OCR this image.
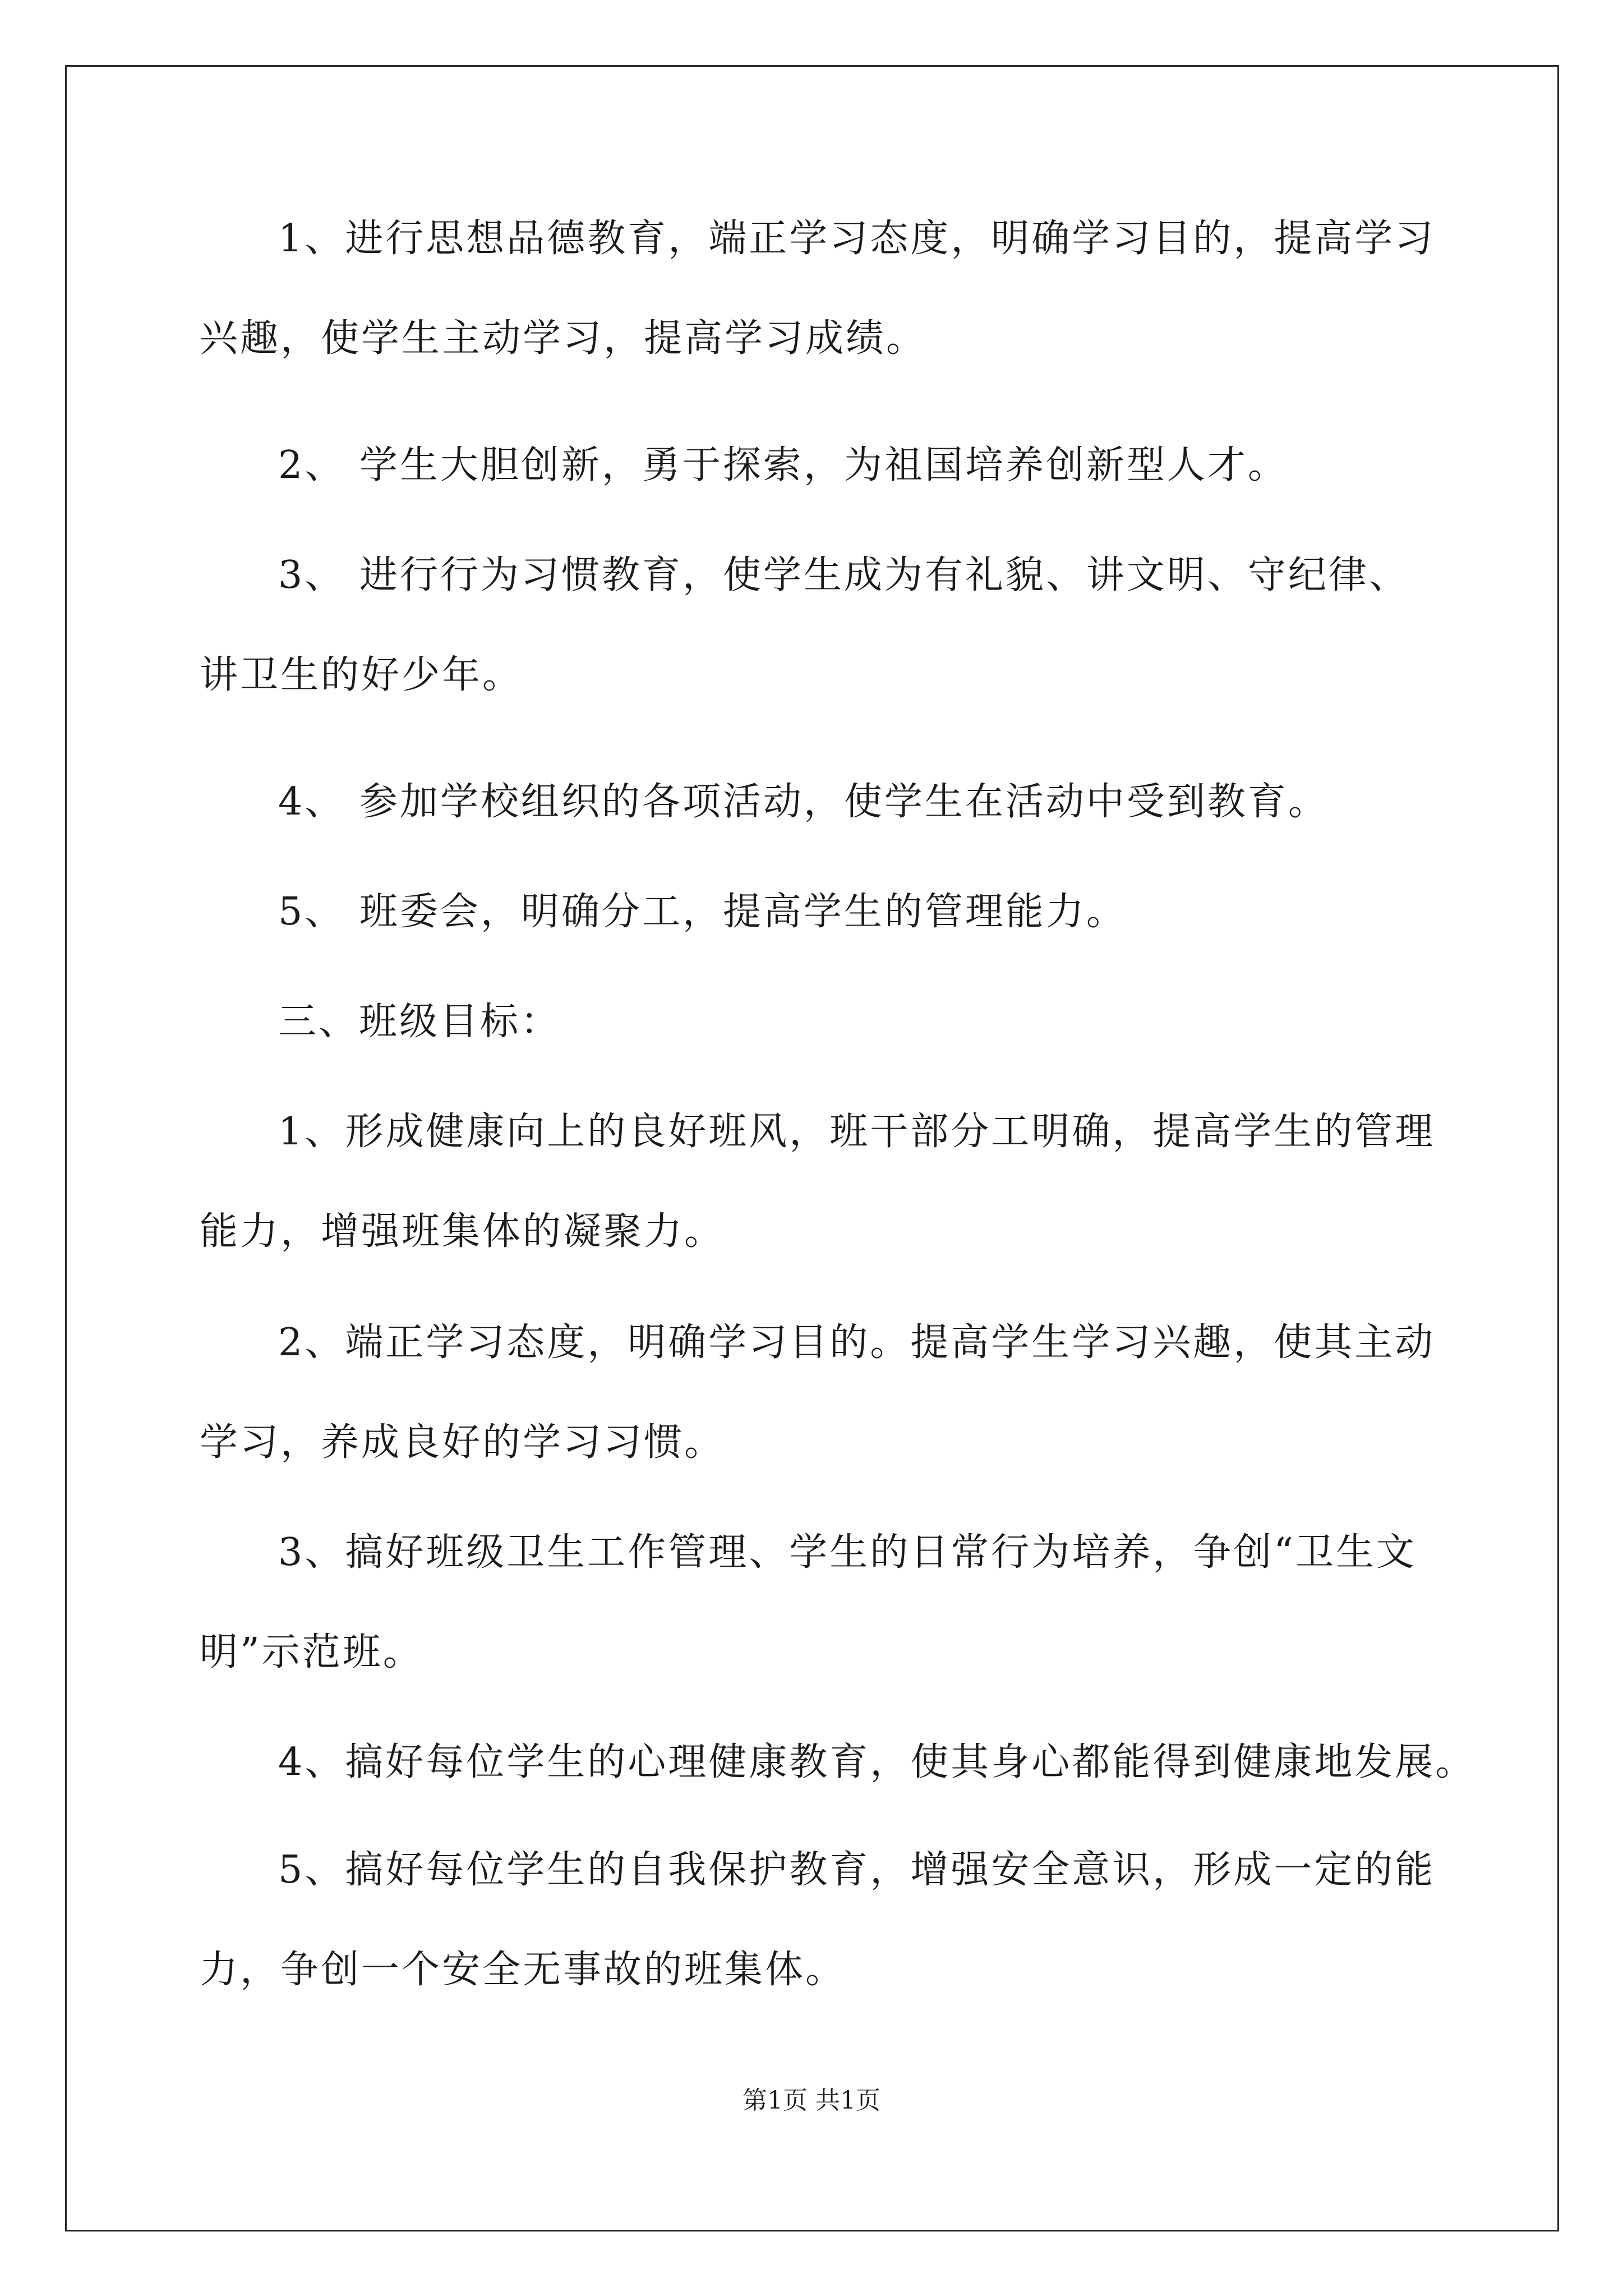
1、进行思想品德教育，端正学习态度，明确学习目的，提高学习
兴趣，使学生主动学习，提高学习成绩。
2、 学生大胆创新，勇于探索，为祖国培养创新型人才。
3、 进行行为习惯教育，使学生成为有礼貌、讲文明、守纪律、
讲卫生的好少年。
4、 参加学校组织的各项活动，使学生在活动中受到教育。
5、 班委会，明确分工，提高学生的管理能力。
三、班级目标：
1、形成健康向上的良好班风，班干部分工明确，提高学生的管理
能力，增强班集体的凝聚力。
2、端正学习态度，明确学习目的。提高学生学习兴趣，使其主动
学习，养成良好的学习习惯。
3、搞好班级卫生工作管理、学生的日常行为培养，争创“卫生文
明”示范班。
4、搞好每位学生的心理健康教育，使其身心都能得到健康地发展。
5、搞好每位学生的自我保护教育，增强安全意识，形成一定的能
力，争创一个安全无事故的班集体。
第1页 共1页
